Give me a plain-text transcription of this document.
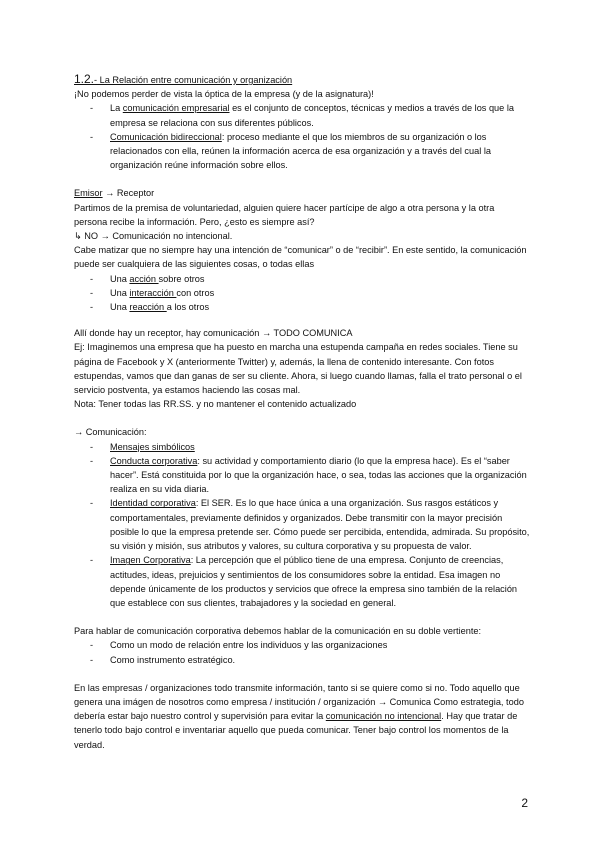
1.2.- La Relación entre comunicación y organización

¡No podemos perder de vista la óptica de la empresa (y de la asignatura)!

- La comunicación empresarial es el conjunto de conceptos, técnicas y medios a través de los que la empresa se relaciona con sus diferentes públicos.
- Comunicación bidireccional: proceso mediante el que los miembros de su organización o los relacionados con ella, reúnen la información acerca de esa organización y a través del cual la organización reúne información sobre ellos.

Emisor → Receptor

Partimos de la premisa de voluntariedad, alguien quiere hacer partícipe de algo a otra persona y la otra persona recibe la información. Pero, ¿esto es siempre así?

↳ NO → Comunicación no intencional.

Cabe matizar que no siempre hay una intención de “comunicar” o de “recibir”. En este sentido, la comunicación puede ser cualquiera de las siguientes cosas, o todas ellas

- Una acción sobre otros
- Una interacción con otros
- Una reacción a los otros

Allí donde hay un receptor, hay comunicación → TODO COMUNICA

Ej: Imaginemos una empresa que ha puesto en marcha una estupenda campaña en redes sociales. Tiene su página de Facebook y X (anteriormente Twitter) y, además, la llena de contenido interesante. Con fotos estupendas, vamos que dan ganas de ser su cliente. Ahora, si luego cuando llamas, falla el trato personal o el servicio postventa, ya estamos haciendo las cosas mal.

Nota: Tener todas las RR.SS. y no mantener el contenido actualizado

→ Comunicación:

- Mensajes simbólicos
- Conducta corporativa: su actividad y comportamiento diario (lo que la empresa hace). Es el “saber hacer”. Está constituida por lo que la organización hace, o sea, todas las acciones que la organización realiza en su vida diaria.
- Identidad corporativa: El SER. Es lo que hace única a una organización. Sus rasgos estáticos y comportamentales, previamente definidos y organizados. Debe transmitir con la mayor precisión posible lo que la empresa pretende ser. Cómo puede ser percibida, entendida, admirada. Su propósito, su visión y misión, sus atributos y valores, su cultura corporativa y su propuesta de valor.
- Imagen Corporativa: La percepción que el público tiene de una empresa. Conjunto de creencias, actitudes, ideas, prejuicios y sentimientos de los consumidores sobre la entidad. Esa imagen no depende únicamente de los productos y servicios que ofrece la empresa sino también de la relación que establece con sus clientes, trabajadores y la sociedad en general.

Para hablar de comunicación corporativa debemos hablar de la comunicación en su doble vertiente:

- Como un modo de relación entre los individuos y las organizaciones
- Como instrumento estratégico.

En las empresas / organizaciones todo transmite información, tanto si se quiere como si no. Todo aquello que genera una imágen de nosotros como empresa / institución / organización → Comunica Como estrategia, todo debería estar bajo nuestro control y supervisión para evitar la comunicación no intencional. Hay que tratar de tenerlo todo bajo control e inventariar aquello que pueda comunicar. Tener bajo control los momentos de la verdad.

2
